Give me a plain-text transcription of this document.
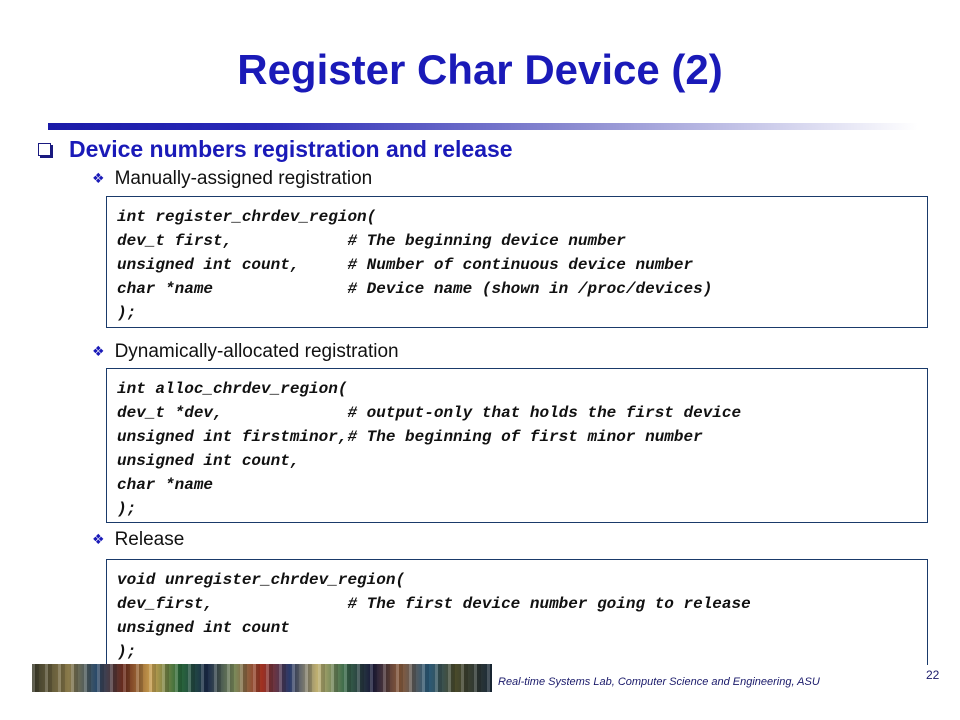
Register Char Device (2)
Device numbers registration and release
❖ Manually-assigned registration
int register_chrdev_region(
dev_t first,            # The beginning device number
unsigned int count,     # Number of continuous device number
char *name              # Device name (shown in /proc/devices)
);
❖ Dynamically-allocated registration
int alloc_chrdev_region(
dev_t *dev,             # output-only that holds the first device
unsigned int firstminor,# The beginning of first minor number
unsigned int count,
char *name
);
❖ Release
void unregister_chrdev_region(
dev_first,              # The first device number going to release
unsigned int count
);
Real-time Systems Lab, Computer Science and Engineering, ASU	22
